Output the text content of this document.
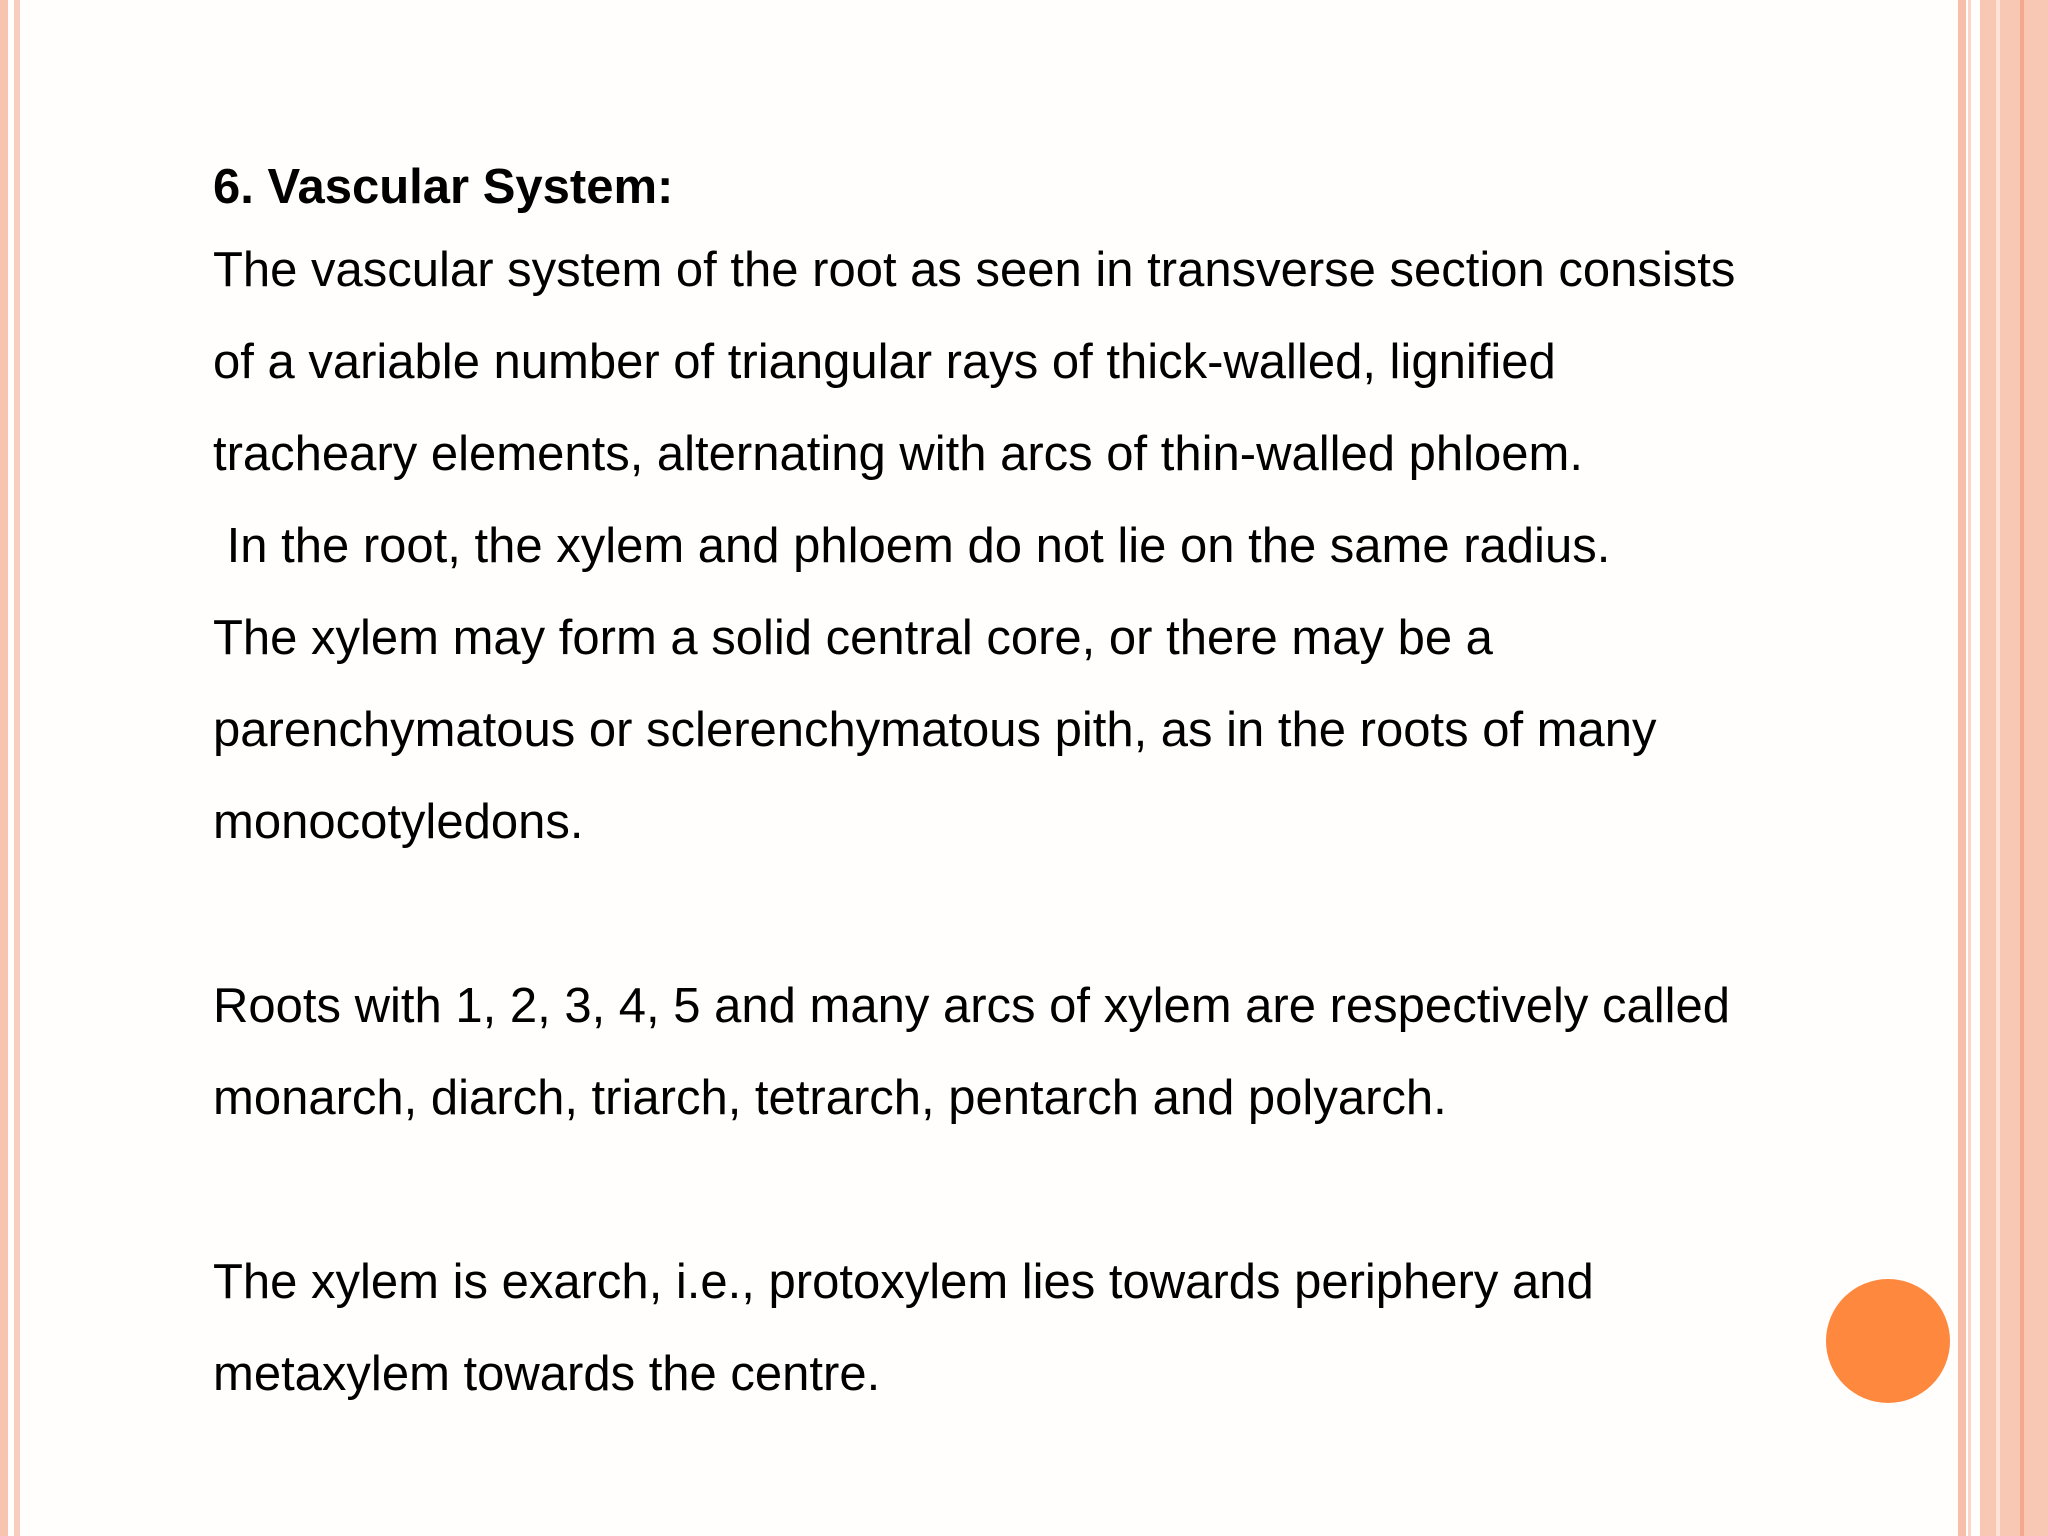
6. Vascular System:

The vascular system of the root as seen in transverse section consists
of a variable number of triangular rays of thick-walled, lignified
tracheary elements, alternating with arcs of thin-walled phloem.
In the root, the xylem and phloem do not lie on the same radius.
The xylem may form a solid central core, or there may be a
parenchymatous or sclerenchymatous pith, as in the roots of many
monocotyledons.
Roots with 1, 2, 3, 4, 5 and many arcs of xylem are respectively called
monarch, diarch, triarch, tetrarch, pentarch and polyarch.
The xylem is exarch, i.e., protoxylem lies towards periphery and
metaxylem towards the centre.
